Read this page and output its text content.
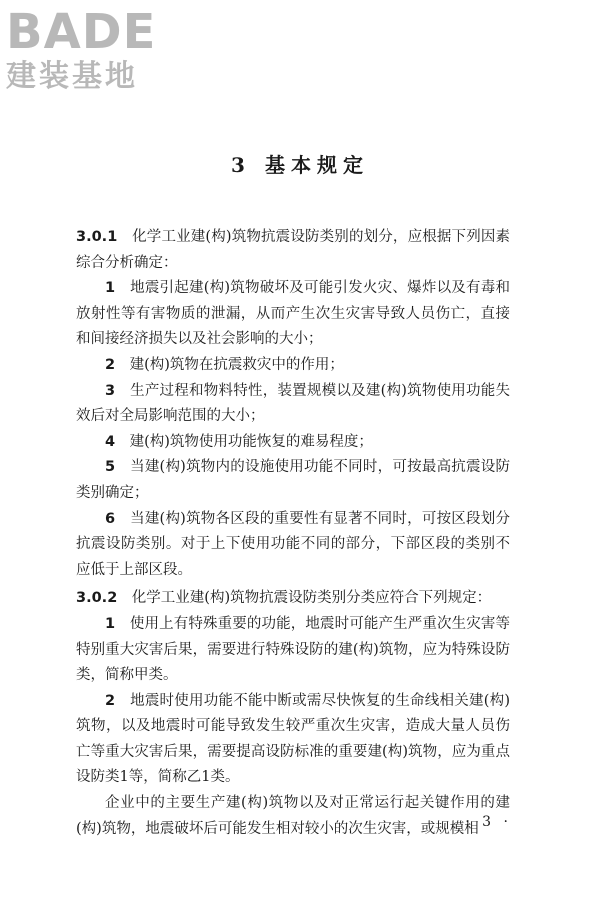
BADE
建装基地
3 基本规定

3.0.1　 化学工业建(构)筑物抗震设防类别的划分，应根据下列因素综合分析确定：

1　 地震引起建(构)筑物破坏及可能引发火灾、爆炸以及有毒和放射性等有害物质的泄漏，从而产生次生灾害导致人员伤亡，直接和间接经济损失以及社会影响的大小；

2　 建(构)筑物在抗震救灾中的作用；

3　 生产过程和物料特性，装置规模以及建(构)筑物使用功能失效后对全局影响范围的大小；

4　 建(构)筑物使用功能恢复的难易程度；

5　 当建(构)筑物内的设施使用功能不同时，可按最高抗震设防类别确定；

6　 当建(构)筑物各区段的重要性有显著不同时，可按区段划分抗震设防类别。对于上下使用功能不同的部分，下部区段的类别不应低于上部区段。

3.0.2　 化学工业建(构)筑物抗震设防类别分类应符合下列规定：

1　 使用上有特殊重要的功能，地震时可能产生严重次生灾害等特别重大灾害后果，需要进行特殊设防的建(构)筑物，应为特殊设防类，简称甲类。

2　 地震时使用功能不能中断或需尽快恢复的生命线相关建(构)筑物，以及地震时可能导致发生较严重次生灾害，造成大量人员伤亡等重大灾害后果，需要提高设防标准的重要建(构)筑物，应为重点设防类1等，简称乙1类。

企业中的主要生产建(构)筑物以及对正常运行起关键作用的建(构)筑物，地震破坏后可能发生相对较小的次生灾害，或规模相

· 3 ·
